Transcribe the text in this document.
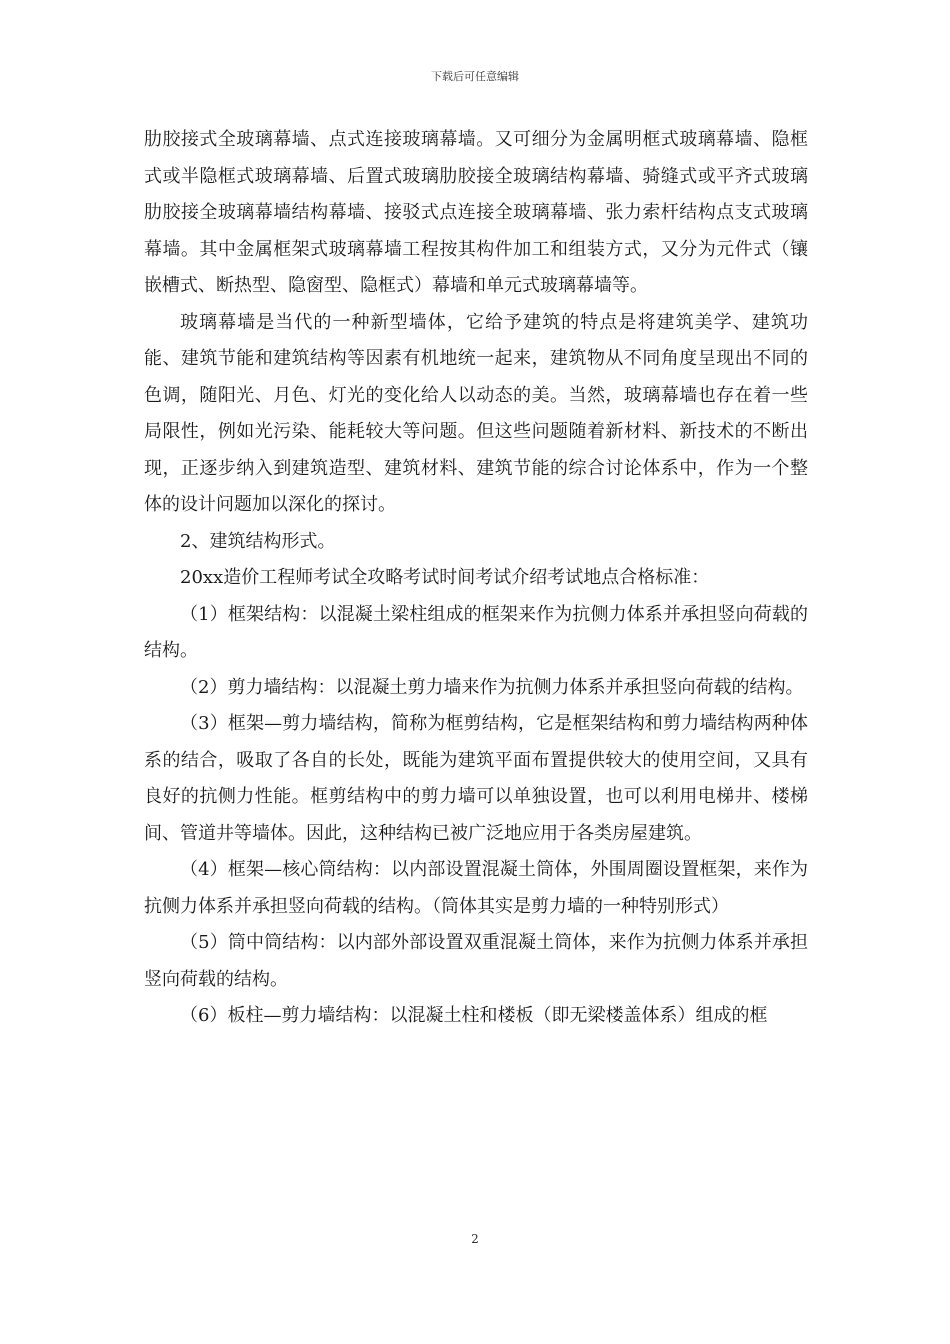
下载后可任意编辑

肋胶接式全玻璃幕墙、点式连接玻璃幕墙。又可细分为金属明框式玻璃幕墙、隐框式或半隐框式玻璃幕墙、后置式玻璃肋胶接全玻璃结构幕墙、骑缝式或平齐式玻璃肋胶接全玻璃幕墙结构幕墙、接驳式点连接全玻璃幕墙、张力索杆结构点支式玻璃幕墙。其中金属框架式玻璃幕墙工程按其构件加工和组装方式，又分为元件式（镶嵌槽式、断热型、隐窗型、隐框式）幕墙和单元式玻璃幕墙等。

玻璃幕墙是当代的一种新型墙体，它给予建筑的特点是将建筑美学、建筑功能、建筑节能和建筑结构等因素有机地统一起来，建筑物从不同角度呈现出不同的色调，随阳光、月色、灯光的变化给人以动态的美。当然，玻璃幕墙也存在着一些局限性，例如光污染、能耗较大等问题。但这些问题随着新材料、新技术的不断出现，正逐步纳入到建筑造型、建筑材料、建筑节能的综合讨论体系中，作为一个整体的设计问题加以深化的探讨。

2、建筑结构形式。

20xx造价工程师考试全攻略考试时间考试介绍考试地点合格标准：

（1）框架结构：以混凝土梁柱组成的框架来作为抗侧力体系并承担竖向荷载的结构。

（2）剪力墙结构：以混凝土剪力墙来作为抗侧力体系并承担竖向荷载的结构。

（3）框架—剪力墙结构，简称为框剪结构，它是框架结构和剪力墙结构两种体系的结合，吸取了各自的长处，既能为建筑平面布置提供较大的使用空间，又具有良好的抗侧力性能。框剪结构中的剪力墙可以单独设置，也可以利用电梯井、楼梯间、管道井等墙体。因此，这种结构已被广泛地应用于各类房屋建筑。

（4）框架—核心筒结构：以内部设置混凝土筒体，外围周圈设置框架，来作为抗侧力体系并承担竖向荷载的结构。（筒体其实是剪力墙的一种特别形式）

（5）筒中筒结构：以内部外部设置双重混凝土筒体，来作为抗侧力体系并承担竖向荷载的结构。

（6）板柱—剪力墙结构：以混凝土柱和楼板（即无梁楼盖体系）组成的框

2
